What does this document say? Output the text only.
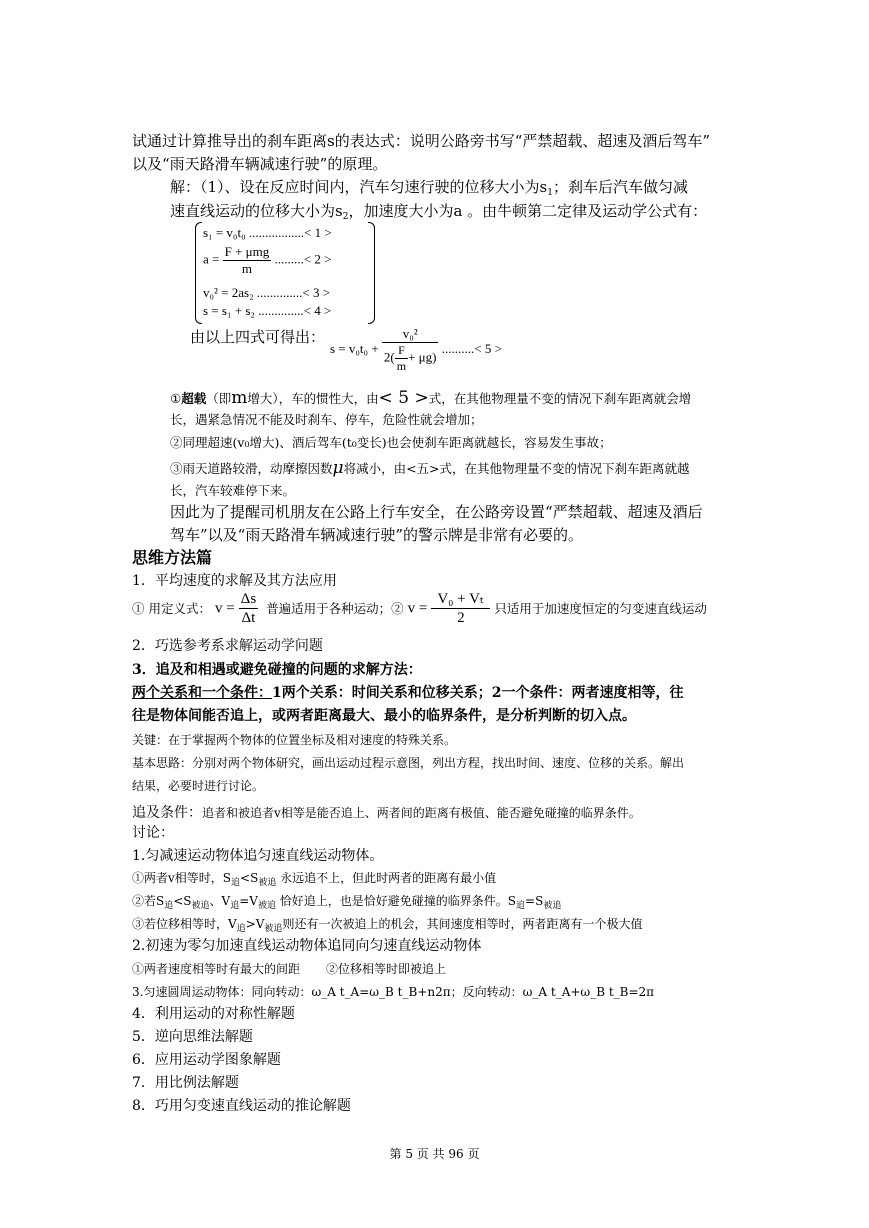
试通过计算推导出的刹车距离s的表达式：说明公路旁书写“严禁超载、超速及酒后驾车”
以及“雨天路滑车辆减速行驶”的原理。
解：（1）、设在反应时间内，汽车匀速行驶的位移大小为$s_1$；刹车后汽车做匀减
速直线运动的位移大小为$s_2$，加速度大小为a 。由牛顿第二定律及运动学公式有：
s₁ = v₀t₀ .................< 1 >
$a = \frac{\text{F + μmg}}{m}$ .........< 2 >
v₀² = 2as₂ ..............< 3 >
s = s₁ + s₂ ..............< 4 >
由以上四式可得出：
$s = v_0t_0 + \frac{\text{v₀²}}{2( \frac{F}{m} + \mu g)}$ ..........< 5 >
①超载（即m增大），车的惯性大，由< 5 >式，在其他物理量不变的情况下刹车距离就会增
长，遇紧急情况不能及时刹车、停车，危险性就会增加；
②同理超速(v₀增大)、酒后驾车(t₀变长)也会使刹车距离就越长，容易发生事故；
③雨天道路较滑，动摩擦因数μ将减小，由<五>式，在其他物理量不变的情况下刹车距离就越
长，汽车较难停下来。
因此为了提醒司机朋友在公路上行车安全，在公路旁设置“严禁超载、超速及酒后
驾车”以及“雨天路滑车辆减速行驶”的警示牌是非常有必要的。
思维方法篇
1．平均速度的求解及其方法应用
① 用定义式： $v = \frac{\Delta s}{\Delta t}$ 普遍适用于各种运动；② $v = \frac{\text{V₀ + Vₜ}}{2}$ 只适用于加速度恒定的匀变速直线运动
2．巧选参考系求解运动学问题
3．追及和相遇或避免碰撞的问题的求解方法：
两个关系和一个条件：1两个关系：时间关系和位移关系；2一个条件：两者速度相等，往
往是物体间能否追上，或两者距离最大、最小的临界条件，是分析判断的切入点。
关键：在于掌握两个物体的位置坐标及相对速度的特殊关系。
基本思路：分别对两个物体研究，画出运动过程示意图，列出方程，找出时间、速度、位移的关系。解出
结果，必要时进行讨论。
追及条件：追者和被追者v相等是能否追上、两者间的距离有极值、能否避免碰撞的临界条件。
讨论：
1.匀减速运动物体追匀速直线运动物体。
①两者v相等时，$S_追<S_{被追}$ 永远追不上，但此时两者的距离有最小值
②若$S_追<S_{被追}$、$V_追=V_{被追}$ 恰好追上，也是恰好避免碰撞的临界条件。$S_追=S_{被追}$
③若位移相等时，$V_追>V_{被追}$则还有一次被追上的机会，其间速度相等时，两者距离有一个极大值
2.初速为零匀加速直线运动物体追同向匀速直线运动物体
①两者速度相等时有最大的间距 ②位移相等时即被追上
3.匀速圆周运动物体：同向转动：ω_A t_A=ω_B t_B+n2π；反向转动：ω_A t_A+ω_B t_B=2π
4．利用运动的对称性解题
5．逆向思维法解题
6．应用运动学图象解题
7．用比例法解题
8．巧用匀变速直线运动的推论解题
第 5 页 共 96 页
